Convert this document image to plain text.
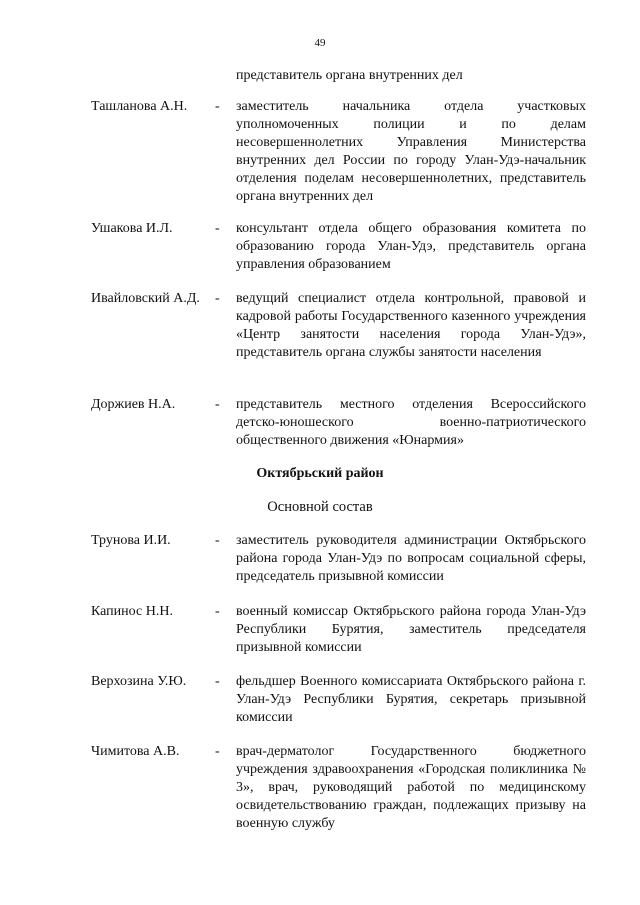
49
представитель органа внутренних дел
Ташланова А.Н.	- заместитель начальника отдела участковых уполномоченных полиции и по делам несовершеннолетних Управления Министерства внутренних дел России по городу Улан-Удэ-начальник отделения поделам несовершеннолетних, представитель органа внутренних дел
Ушакова И.Л.	- консультант отдела общего образования комитета по образованию города Улан-Удэ, представитель органа управления образованием
Ивайловский А.Д. - ведущий специалист отдела контрольной, правовой и кадровой работы Государственного казенного учреждения «Центр занятости населения города Улан-Удэ», представитель органа службы занятости населения
Доржиев Н.А.	- представитель местного отделения Всероссийского детско-юношеского военно-патриотического общественного движения «Юнармия»
Октябрьский район
Основной состав
Трунова И.И.	- заместитель руководителя администрации Октябрьского района города Улан-Удэ по вопросам социальной сферы, председатель призывной комиссии
Капинос Н.Н.	- военный комиссар Октябрьского района города Улан-Удэ Республики Бурятия, заместитель председателя призывной комиссии
Верхозина У.Ю.	- фельдшер Военного комиссариата Октябрьского района г. Улан-Удэ Республики Бурятия, секретарь призывной комиссии
Чимитова А.В.	- врач-дерматолог Государственного бюджетного учреждения здравоохранения «Городская поликлиника № 3», врач, руководящий работой по медицинскому освидетельствованию граждан, подлежащих призыву на военную службу
